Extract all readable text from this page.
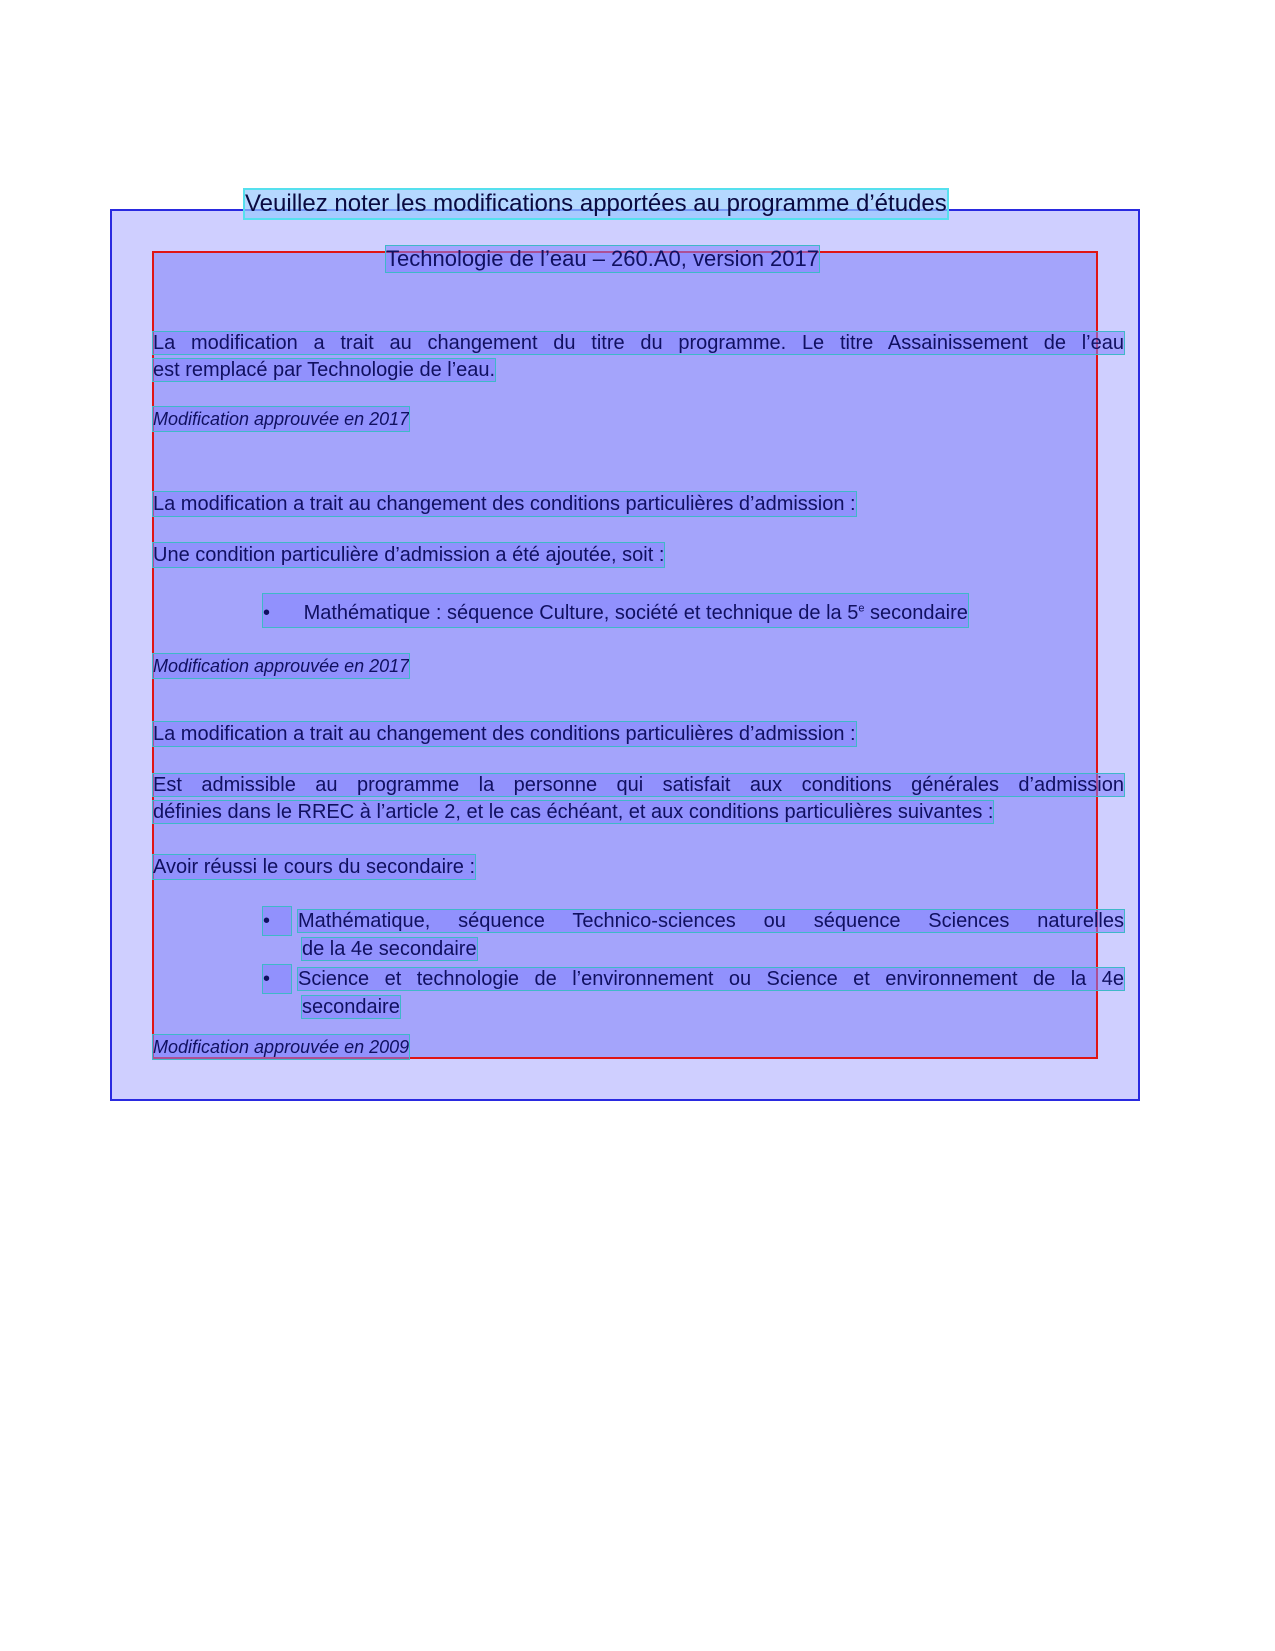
Veuillez noter les modifications apportées au programme d’études
Technologie de l’eau – 260.A0, version 2017
La modification a trait au changement du titre du programme. Le titre Assainissement de l’eau
est remplacé par Technologie de l’eau.
Modification approuvée en 2017
La modification a trait au changement des conditions particulières d’admission :
Une condition particulière d’admission a été ajoutée, soit :
• Mathématique : séquence Culture, société et technique de la 5e secondaire
Modification approuvée en 2017
La modification a trait au changement des conditions particulières d’admission :
Est admissible au programme la personne qui satisfait aux conditions générales d’admission
définies dans le RREC à l’article 2, et le cas échéant, et aux conditions particulières suivantes :
Avoir réussi le cours du secondaire :
•	Mathématique, séquence Technico-sciences ou séquence Sciences naturelles
de la 4e secondaire
•	Science et technologie de l’environnement ou Science et environnement de la 4e
secondaire
Modification approuvée en 2009
